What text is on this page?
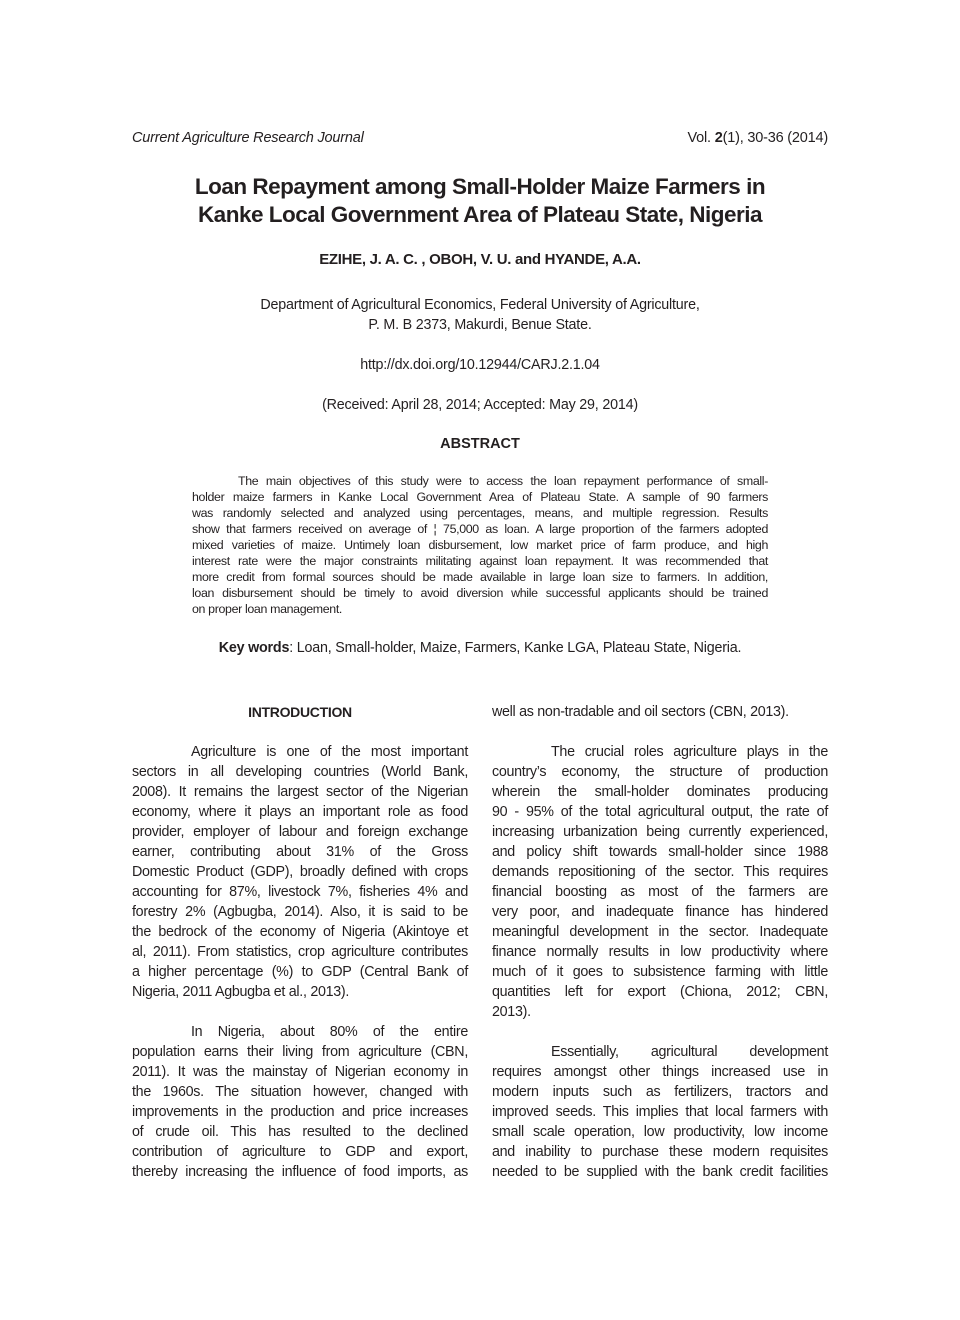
Current Agriculture Research Journal	Vol. 2(1), 30-36 (2014)
Loan Repayment among Small-Holder Maize Farmers in
Kanke Local Government Area of Plateau State, Nigeria
EZIHE, J. A. C. , OBOH, V. U. and HYANDE, A.A.
Department of Agricultural Economics, Federal University of Agriculture,
P. M. B 2373, Makurdi, Benue State.
http://dx.doi.org/10.12944/CARJ.2.1.04
(Received: April 28, 2014; Accepted: May 29, 2014)
ABSTRACT
The main objectives of this study were to access the loan repayment performance of small-
holder maize farmers in Kanke Local Government Area of Plateau State. A sample of 90 farmers
was randomly selected and analyzed using percentages, means, and multiple regression. Results
show that farmers received on average of ¦ 75,000 as loan. A large proportion of the farmers adopted
mixed varieties of maize. Untimely loan disbursement, low market price of farm produce, and high
interest rate were the major constraints militating against loan repayment. It was recommended that
more credit from formal sources should be made available in large loan size to farmers. In addition,
loan disbursement should be timely to avoid diversion while successful applicants should be trained
on proper loan management.
Key words: Loan, Small-holder, Maize, Farmers, Kanke LGA, Plateau State, Nigeria.
INTRODUCTION
Agriculture is one of the most important
sectors in all developing countries (World Bank,
2008). It remains the largest sector of the Nigerian
economy, where it plays an important role as food
provider, employer of labour and foreign exchange
earner, contributing about 31% of the Gross
Domestic Product (GDP), broadly defined with crops
accounting for 87%, livestock 7%, fisheries 4% and
forestry 2% (Agbugba, 2014). Also, it is said to be
the bedrock of the economy of Nigeria (Akintoye et
al, 2011). From statistics, crop agriculture contributes
a higher percentage (%) to GDP (Central Bank of
Nigeria, 2011 Agbugba et al., 2013).
In Nigeria, about 80% of the entire
population earns their living from agriculture (CBN,
2011). It was the mainstay of Nigerian economy in
the 1960s. The situation however, changed with
improvements in the production and price increases
of crude oil. This has resulted to the declined
contribution of agriculture to GDP and export,
thereby increasing the influence of food imports, as
well as non-tradable and oil sectors (CBN, 2013).
The crucial roles agriculture plays in the
country’s economy, the structure of production
wherein the small-holder dominates producing
90 - 95% of the total agricultural output, the rate of
increasing urbanization being currently experienced,
and policy shift towards small-holder since 1988
demands repositioning of the sector. This requires
financial boosting as most of the farmers are
very poor, and inadequate finance has hindered
meaningful development in the sector. Inadequate
finance normally results in low productivity where
much of it goes to subsistence farming with little
quantities left for export (Chiona, 2012; CBN,
2013).
Essentially, agricultural development
requires amongst other things increased use in
modern inputs such as fertilizers, tractors and
improved seeds. This implies that local farmers with
small scale operation, low productivity, low income
and inability to purchase these modern requisites
needed to be supplied with the bank credit facilities
